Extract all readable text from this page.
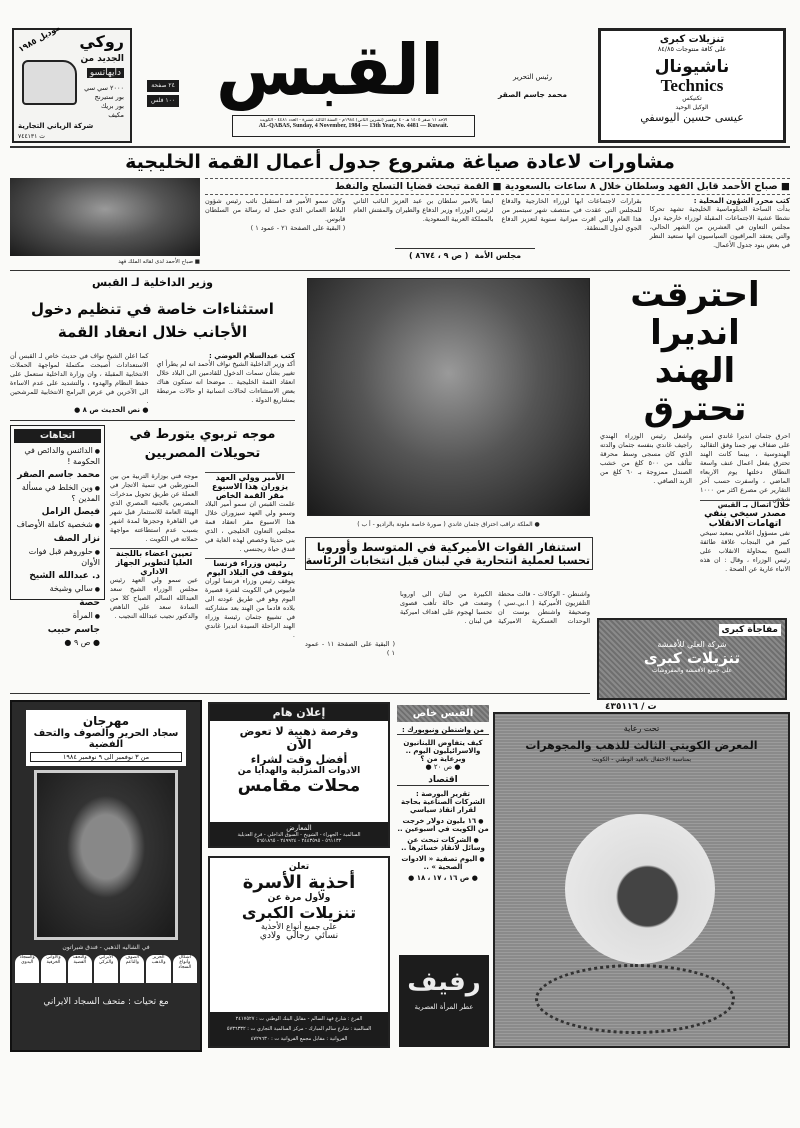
موديل ١٩٨٥ روكي
الجديد من
دايهاتسو
٢٠٠٠ سي سي
بور ستيرنج
بور بريك
مكيف
شركة الزياني التجارية
ت ٧٤٤١٣١
٢٤ صفحة
١٠٠ فلس القبس	رئيس التحرير
محمد جاسم الصقر
الأحد ١١ صفر ١٤٠٥ هـ - ٤ نوفمبر (تشرين الثاني) ١٩٨٤م - السنة الثالثة عشرة - العدد ٤٤٨١ - الكويت
AL-QABAS, Sunday, 4 November, 1984 — 13th Year, No. 4481 — Kuwait.
تنزيلات كبرى
على كافة منتوجات ٨٤/٨٥
ناشيونال
Technics
تكنيكس
الوكيل الوحيد
عيسى حسين اليوسفي
مشاورات لاعادة صياغة مشروع جدول أعمال القمة الخليجية
■ صباح الأحمد قابل الفهد وسلطان خلال ٨ ساعات بالسعودية ■ القمة تبحث قضايا التسلح والنفط
■ صباح الأحمد لدى لقائه الملك فهد
كتب محرر الشؤون المحلية :
بدأت الساحة الدبلوماسية الخليجية تشهد تحركا نشطا عشية الاجتماعات المقبلة لوزراء خارجية دول مجلس التعاون في العشرين من الشهر الحالي، والتي يعتقد المراقبون السياسيون انها ستعيد النظر في بعض بنود جدول الأعمال.
بقرارات لاجتماعات ابها لوزراء الخارجية والدفاع للمجلس التي عقدت في منتصف شهر سبتمبر من هذا العام والتي اقرت ميزانية سنوية لتعزيز الدفاع الجوي لدول المنطقة.
ايضا بالامير سلطان بن عبد العزيز النائب الثاني لرئيس الوزراء وزير الدفاع والطيران والمفتش العام بالمملكة العربية السعودية.
وكان سمو الأمير قد استقبل نائب رئيس شؤون البلاط العماني الذي حمل له رسالة من السلطان قابوس.
( البقية على الصفحة ٢١ - عمود ١ )
مجلس الأمة
( ص ٩ ، ٨٦٧٤ )
وزير الداخلية لـ القبس
استثناءات خاصة في تنظيم دخول الأجانب خلال انعقاد القمة
كتب عبدالسلام العوضي :
أكد وزير الداخلية الشيخ نواف الأحمد انه لم يطرأ اي تغيير بشأن سمات الدخول للقادمين الى البلاد خلال انعقاد القمة الخليجية .. موضحا انه ستكون هناك بعض الاستثناءات لحالات انسانية او حالات مرتبطة بمشاريع الدولة .
كما اعلن الشيخ نواف في حديث خاص لـ القبس أن الاستعدادات أصبحت مكتملة لمواجهة الحملات الانتخابية المقبلة ، وان وزارة الداخلية ستعمل على حفظ النظام والهدوء ، والتشديد على عدم الاساءة الى الآخرين في عرض البرامج الانتخابية للمرشحين .
● نص الحديث ص ٨ ●
اتجاهات
● الدائنس والدائص في الحكومة !
محمد جاسم الصقر
● وين الخلط في مسألة المدين ؟
فيصل الزامل
● شخصية كاملة الأوصاف
نزار الصف
● حلوروهم قبل فوات الأوان
د. عبدالله الشيخ
● سالي وشيخة
حصة
● المرأة
جاسم حبيب
● ص ٩ ●
موجه تربوي يتورط في تحويلات المصريين
موجه فني بوزارة التربية من بين المتورطين في تنمية الاتجار في العملة عن طريق تحويل مدخرات المصريين بالجنيه المصري الذي الهيئة العامة للاستثمار قبل شهر في القاهرة وحجزها لمدة اشهر بسبب عدم استطاعته مواجهة حملاته في الكويت .
تعيين اعضاء باللجنة العليا لتطوير الجهاز الاداري
عين سمو ولي العهد رئيس مجلس الوزراء الشيخ سعد العبدالله السالم الصباح كلا من السادة سعد علي الناهض والدكتور نجيب عبدالله النجيب .
الأمير وولي العهد يزوران هذا الاسبوع مقر القمة الخاص
علمت القبس ان سمو أمير البلاد وسمو ولي العهد سيزوران خلال هذا الاسبوع مقر انعقاد قمة مجلس التعاون الخليجي ، الذي بني حديثا وخصص لهذه الغاية في فندق حياة ريجنسي .
رئيس وزراء فرنسا يتوقف في البلاد اليوم
يتوقف رئيس وزراء فرنسا لوران فابيوس في الكويت لفترة قصيرة اليوم وهو في طريق عودته الى بلاده قادما من الهند بعد مشاركته في تشييع جثمان رئيسة وزراء الهند الراحلة السيدة انديرا غاندي .
● الملكة تراقب احتراق جثمان غاندي ( صورة خاصة ملونة بالراديو - أ ب )
احترقت
انديرا
الهند
تحترق
احرق جثمان انديرا غاندي امس على ضفاف نهر جمنا وفق التقاليد الهندوسية ، بينما كانت الهند تحترق بفعل اعمال عنف واسعة النطاق دخلتها يوم الاربعاء الماضي ، واسفرت حسب آخر التقارير عن مصرع اكثر من ١٠٠٠ شخص .
واشعل رئيس الوزراء الهندي راجيف غاندي بنفسه جثمان والدته الذي كان مسجى وسط محرقة تتألف من ٥٠٠ كلغ من خشب الصندل ممزوجة بـ ٦٠ كلغ من الزبد الصافي .
خلال اتصال بـ القبس
مصدر سيخي ينفي اتهامات الانقلاب
نفى مسؤول اعلامي بمعبد سيخي كبير في البنجاب علاقة طائفة السيخ بمحاولة الانقلاب على رئيس الوزراء ، وقال : ان هذه الانباء عارية عن الصحة .
استنفار القوات الأميركية في المتوسط وأوروبا
تحسبا لعملية انتحارية في لبنان قبل انتخابات الرئاسة
واشنطن - الوكالات - قالت محطة التلفزيون الأميركية ( ا.بي.سي ) وصحيفة واشنطن بوست ان الوحدات العسكرية الاميركية الكبيرة من لبنان الى اوروبا وضعت في حالة تأهب قصوى تحسبا لهجوم على اهداف اميركية في لبنان .
( البقية على الصفحة ١١ - عمود ١ )
مفاجأة كبرى
شركة العلي للأقمشة
تنزيلات كبرى
على جميع الأقمشة والمفروشات
ت / ٤٣٥١١٦
مهرجان
سجاد الحرير والصوف والتحف الفضية
من ٣ نوفمبر الى ٩ نوفمبر ١٩٨٤
في الشاليه الذهبي - فندق شيراتون
أشكال وأنواع السجاد
الحرير والذهب
الصوف والناعم
الايراني والتركي
والتحف الفضية
والأواني الخزفية
والسجاد اليدوي
مع تحيات : متحف السجاد الايراني
إعلان هام
وفرصة ذهبية لا تعوض
الآن
أفضل وقت لشراء
الادوات المنزلية والهدايا من
محلات مقامس
المعارض
السالمية - الجهراء - الشويخ - السوق الداخلي - فرع العديلية
٥٦١١٣٢ - ٢٤٤٣٥٩٥ - ٢٤٩٩٢٤ - ٥٦٥١٨٦٥
تعلن
أحذية الأسرة
ولأول مرة عن
تنزيلات الكبرى
على جميع أنواع الأحذية
نسائي  رجالي  ولادي
الفرع : شارع فهد السالم - مقابل البنك الوطني ت : ٢٤١٧٥٢٧
السالمية : شارع سالم المبارك - مركز السالمية التجاري ت : ٥٧٣٦٣٣٢
الفروانية : مقابل مجمع الفروانية ت : ٤٧٢٩٦٣٠
القبس خاص
من واشنطن ونيويورك :
كيف يتفاوض اللبنانيون والاسرائيليون اليوم .. وبرعاية من ؟
● ص ٢٠ ●
اقتصاد
تقرير البورصة :
الشركات الصناعية بحاجة لقرار انقاذ سياسي
● ١٦ بليون دولار خرجت من الكويت في اسبوعين ..
● الشركات تبحث عن وسائل لانقاذ خسائرها ..
● اليوم تصفية « الادوات الصحية » ..
● ص ١٦ ، ١٧ ، ١٨ ●
رفيف
عطر المرأة العصرية
تحت رعاية
المعرض الكويتي الثالث للذهب والمجوهرات
بمناسبة الاحتفال بالعيد الوطني - الكويت
